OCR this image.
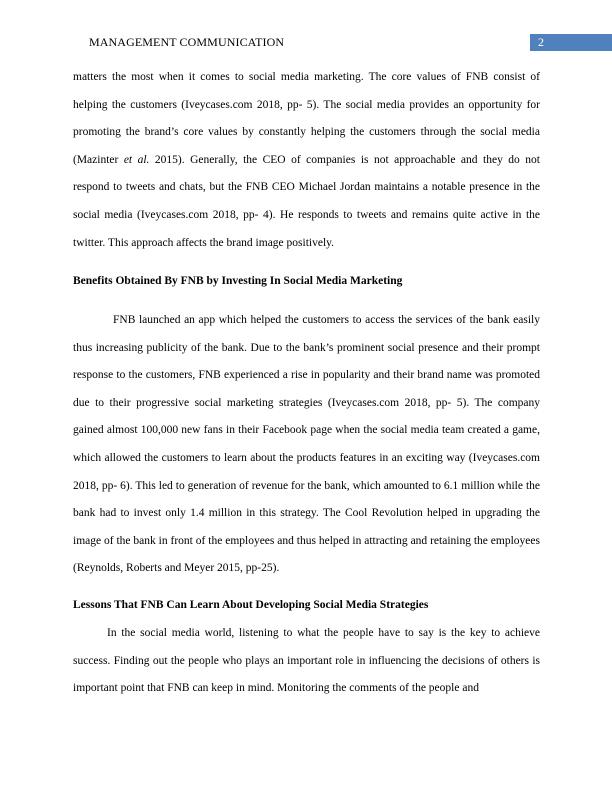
MANAGEMENT COMMUNICATION	2

matters the most when it comes to social media marketing. The core values of FNB consist of helping the customers (Iveycases.com 2018, pp- 5). The social media provides an opportunity for promoting the brand’s core values by constantly helping the customers through the social media (Mazinter et al. 2015). Generally, the CEO of companies is not approachable and they do not respond to tweets and chats, but the FNB CEO Michael Jordan maintains a notable presence in the social media (Iveycases.com 2018, pp- 4). He responds to tweets and remains quite active in the twitter. This approach affects the brand image positively.

Benefits Obtained By FNB by Investing In Social Media Marketing

FNB launched an app which helped the customers to access the services of the bank easily thus increasing publicity of the bank. Due to the bank’s prominent social presence and their prompt response to the customers, FNB experienced a rise in popularity and their brand name was promoted due to their progressive social marketing strategies (Iveycases.com 2018, pp- 5). The company gained almost 100,000 new fans in their Facebook page when the social media team created a game, which allowed the customers to learn about the products features in an exciting way (Iveycases.com 2018, pp- 6). This led to generation of revenue for the bank, which amounted to 6.1 million while the bank had to invest only 1.4 million in this strategy. The Cool Revolution helped in upgrading the image of the bank in front of the employees and thus helped in attracting and retaining the employees (Reynolds, Roberts and Meyer 2015, pp-25).

Lessons That FNB Can Learn About Developing Social Media Strategies

In the social media world, listening to what the people have to say is the key to achieve success. Finding out the people who plays an important role in influencing the decisions of others is important point that FNB can keep in mind. Monitoring the comments of the people and
